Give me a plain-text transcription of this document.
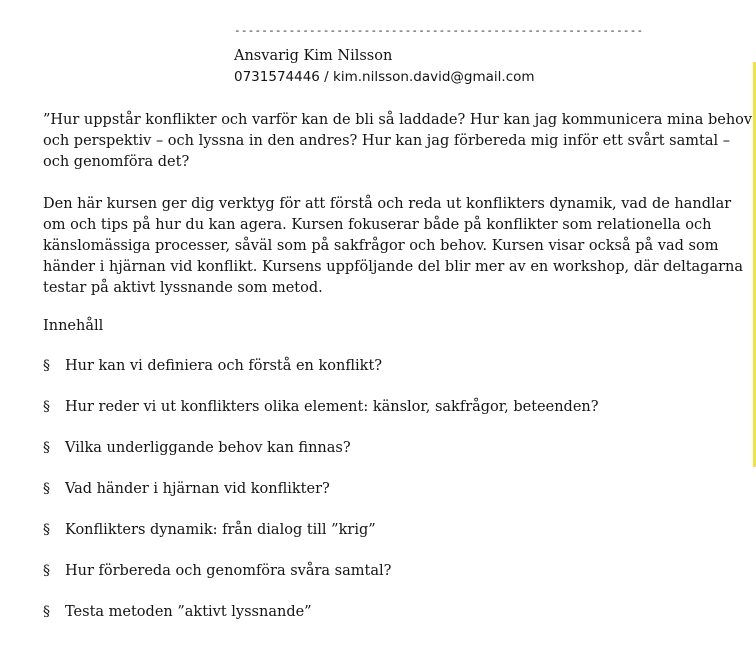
------------------------------------------------------------
Ansvarig Kim Nilsson
0731574446 / kim.nilsson.david@gmail.com
”Hur uppstår konflikter och varför kan de bli så laddade? Hur kan jag kommunicera mina behov och perspektiv – och lyssna in den andres? Hur kan jag förbereda mig inför ett svårt samtal – och genomföra det?
Den här kursen ger dig verktyg för att förstå och reda ut konflikters dynamik, vad de handlar om och tips på hur du kan agera. Kursen fokuserar både på konflikter som relationella och känslomässiga processer, såväl som på sakfrågor och behov. Kursen visar också på vad som händer i hjärnan vid konflikt. Kursens uppföljande del blir mer av en workshop, där deltagarna testar på aktivt lyssnande som metod.
Innehåll
§ Hur kan vi definiera och förstå en konflikt?
§ Hur reder vi ut konflikters olika element: känslor, sakfrågor, beteenden?
§ Vilka underliggande behov kan finnas?
§ Vad händer i hjärnan vid konflikter?
§ Konflikters dynamik: från dialog till ”krig”
§ Hur förbereda och genomföra svåra samtal?
§ Testa metoden ”aktivt lyssnande”
